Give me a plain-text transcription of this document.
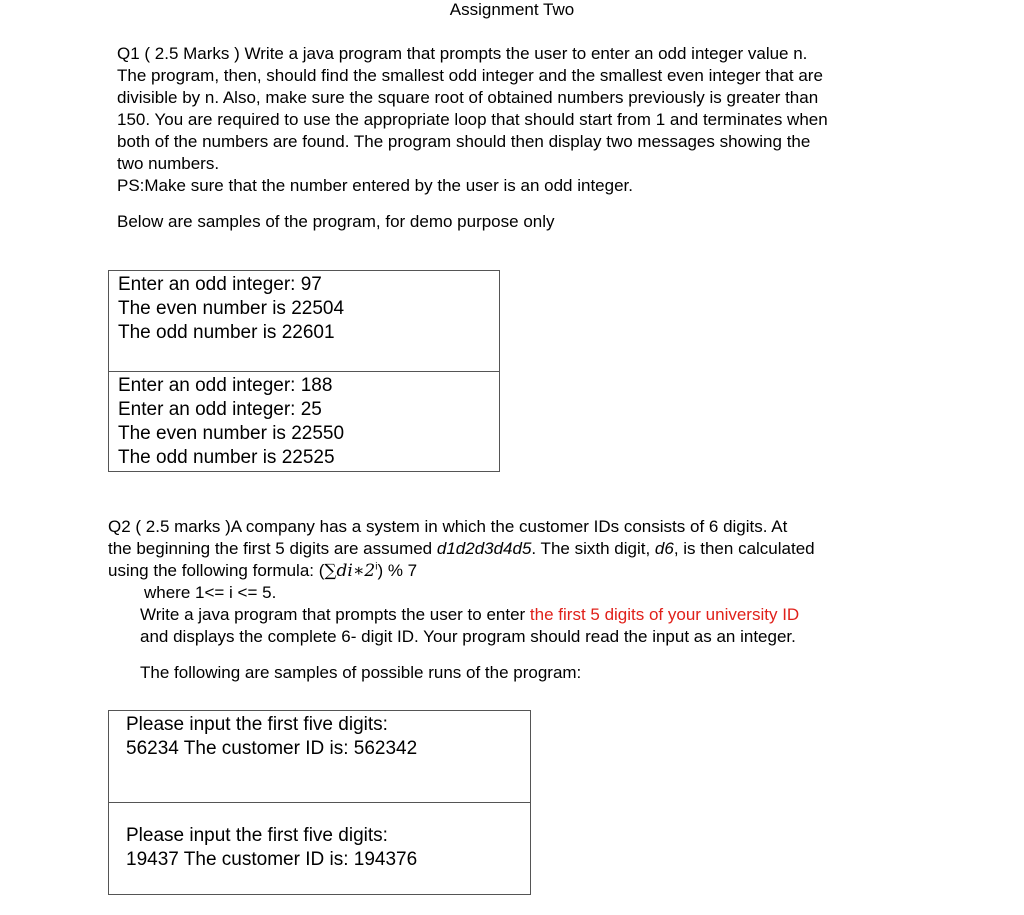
Assignment Two
Q1 ( 2.5 Marks ) Write a java program that prompts the user to enter an odd integer value n.
The program, then, should find the smallest odd integer and the smallest even integer that are
divisible by n. Also, make sure the square root of obtained numbers previously is greater than
150. You are required to use the appropriate loop that should start from 1 and terminates when
both of the numbers are found. The program should then display two messages showing the
two numbers.

PS:Make sure that the number entered by the user is an odd integer.

Below are samples of the program, for demo purpose only

Enter an odd integer: 97
The even number is 22504
The odd number is 22601
Enter an odd integer: 188
Enter an odd integer: 25
The even number is 22550
The odd number is 22525
Q2 ( 2.5 marks )A company has a system in which the customer IDs consists of 6 digits. At
the beginning the first 5 digits are assumed d1d2d3d4d5. The sixth digit, d6, is then calculated
using the following formula: (∑di∗2$^i$) % 7
where 1<= i <= 5.
Write a java program that prompts the user to enter the first 5 digits of your university ID
and displays the complete 6- digit ID. Your program should read the input as an integer.

The following are samples of possible runs of the program:

Please input the first five digits:
56234 The customer ID is: 562342
Please input the first five digits:
19437 The customer ID is: 194376
